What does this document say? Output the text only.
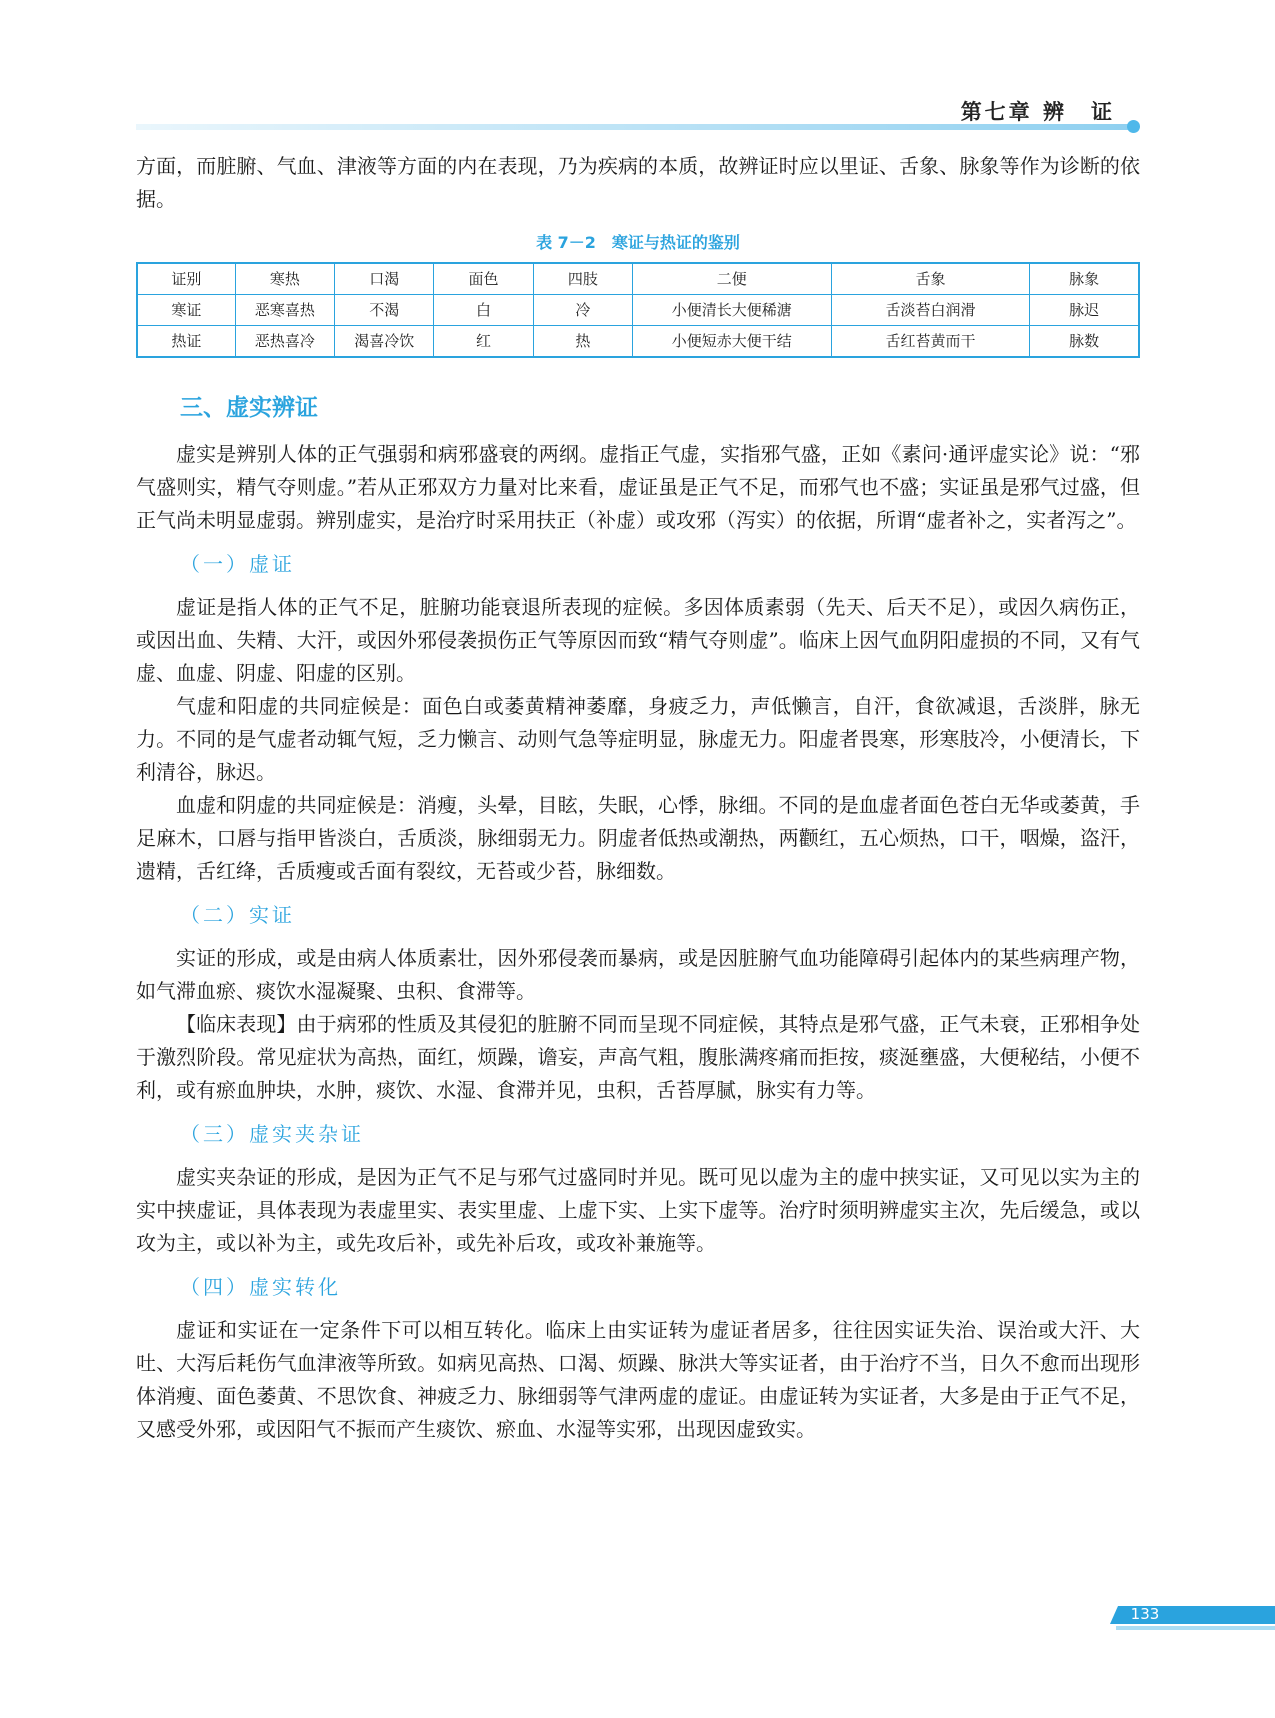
第七章 辨　证

方面，而脏腑、气血、津液等方面的内在表现，乃为疾病的本质，故辨证时应以里证、舌象、脉象等作为诊断的依据。

表 7－2　寒证与热证的鉴别
证别	寒热	口渴	面色	四肢	二便	舌象	脉象
寒证	恶寒喜热	不渴	白	冷	小便清长大便稀溏	舌淡苔白润滑	脉迟
热证	恶热喜冷	渴喜冷饮	红	热	小便短赤大便干结	舌红苔黄而干	脉数
三、虚实辨证

虚实是辨别人体的正气强弱和病邪盛衰的两纲。虚指正气虚，实指邪气盛，正如《素问·通评虚实论》说：“邪气盛则实，精气夺则虚。”若从正邪双方力量对比来看，虚证虽是正气不足，而邪气也不盛；实证虽是邪气过盛，但正气尚未明显虚弱。辨别虚实，是治疗时采用扶正（补虚）或攻邪（泻实）的依据，所谓“虚者补之，实者泻之”。

（一）虚证

虚证是指人体的正气不足，脏腑功能衰退所表现的症候。多因体质素弱（先天、后天不足），或因久病伤正，或因出血、失精、大汗，或因外邪侵袭损伤正气等原因而致“精气夺则虚”。临床上因气血阴阳虚损的不同，又有气虚、血虚、阴虚、阳虚的区别。

气虚和阳虚的共同症候是：面色白或萎黄精神萎靡，身疲乏力，声低懒言，自汗，食欲减退，舌淡胖，脉无力。不同的是气虚者动辄气短，乏力懒言、动则气急等症明显，脉虚无力。阳虚者畏寒，形寒肢冷，小便清长，下利清谷，脉迟。

血虚和阴虚的共同症候是：消瘦，头晕，目眩，失眠，心悸，脉细。不同的是血虚者面色苍白无华或萎黄，手足麻木，口唇与指甲皆淡白，舌质淡，脉细弱无力。阴虚者低热或潮热，两颧红，五心烦热，口干，咽燥，盗汗，遗精，舌红绛，舌质瘦或舌面有裂纹，无苔或少苔，脉细数。

（二）实证

实证的形成，或是由病人体质素壮，因外邪侵袭而暴病，或是因脏腑气血功能障碍引起体内的某些病理产物，如气滞血瘀、痰饮水湿凝聚、虫积、食滞等。

【临床表现】由于病邪的性质及其侵犯的脏腑不同而呈现不同症候，其特点是邪气盛，正气未衰，正邪相争处于激烈阶段。常见症状为高热，面红，烦躁，谵妄，声高气粗，腹胀满疼痛而拒按，痰涎壅盛，大便秘结，小便不利，或有瘀血肿块，水肿，痰饮、水湿、食滞并见，虫积，舌苔厚腻，脉实有力等。

（三）虚实夹杂证

虚实夹杂证的形成，是因为正气不足与邪气过盛同时并见。既可见以虚为主的虚中挟实证，又可见以实为主的实中挟虚证，具体表现为表虚里实、表实里虚、上虚下实、上实下虚等。治疗时须明辨虚实主次，先后缓急，或以攻为主，或以补为主，或先攻后补，或先补后攻，或攻补兼施等。

（四）虚实转化

虚证和实证在一定条件下可以相互转化。临床上由实证转为虚证者居多，往往因实证失治、误治或大汗、大吐、大泻后耗伤气血津液等所致。如病见高热、口渴、烦躁、脉洪大等实证者，由于治疗不当，日久不愈而出现形体消瘦、面色萎黄、不思饮食、神疲乏力、脉细弱等气津两虚的虚证。由虚证转为实证者，大多是由于正气不足，又感受外邪，或因阳气不振而产生痰饮、瘀血、水湿等实邪，出现因虚致实。

133
